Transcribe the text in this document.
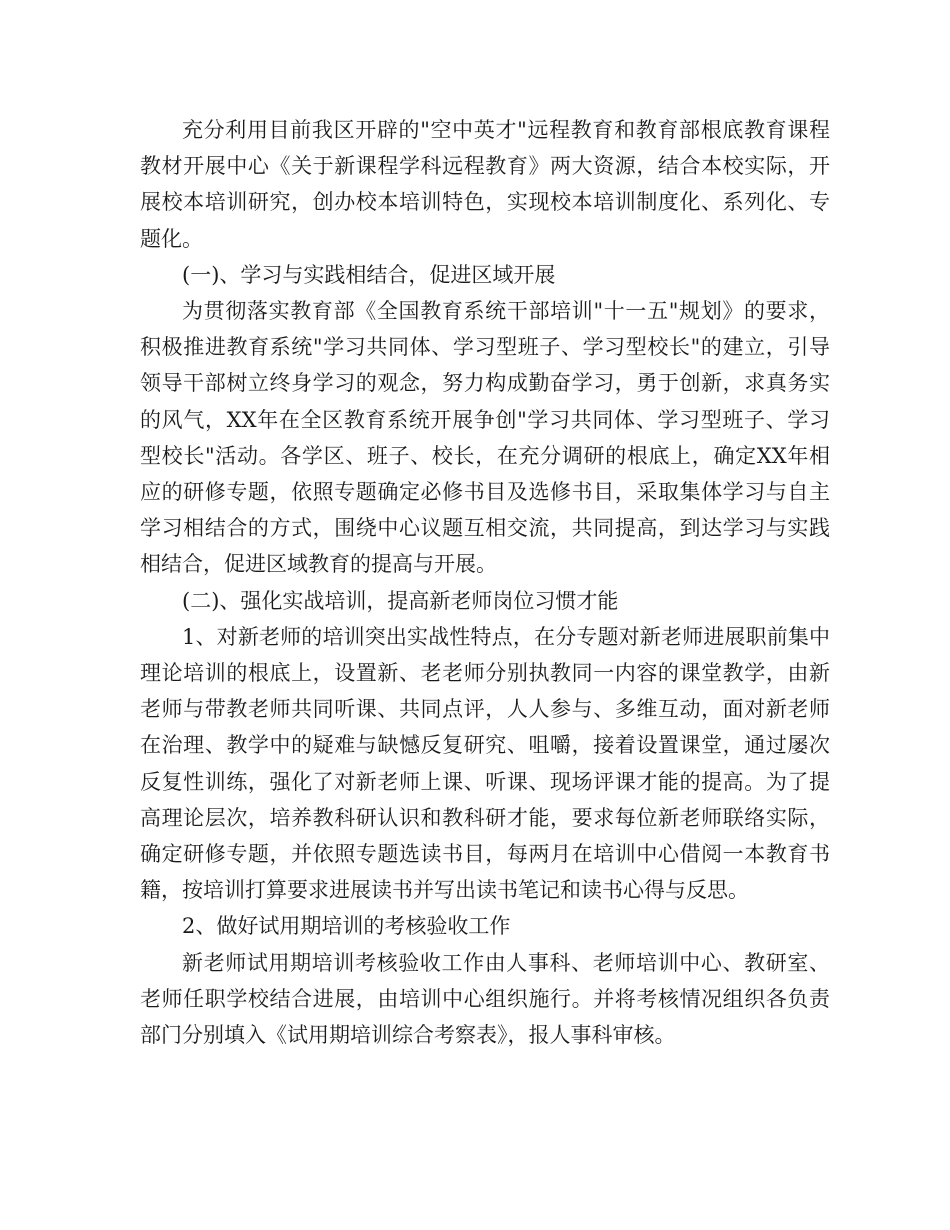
充分利用目前我区开辟的"空中英才"远程教育和教育部根底教育课程教材开展中心《关于新课程学科远程教育》两大资源，结合本校实际，开展校本培训研究，创办校本培训特色，实现校本培训制度化、系列化、专题化。

(一)、学习与实践相结合，促进区域开展

为贯彻落实教育部《全国教育系统干部培训"十一五"规划》的要求，积极推进教育系统"学习共同体、学习型班子、学习型校长"的建立，引导领导干部树立终身学习的观念，努力构成勤奋学习，勇于创新，求真务实的风气，XX年在全区教育系统开展争创"学习共同体、学习型班子、学习型校长"活动。各学区、班子、校长，在充分调研的根底上，确定XX年相应的研修专题，依照专题确定必修书目及选修书目，采取集体学习与自主学习相结合的方式，围绕中心议题互相交流，共同提高，到达学习与实践相结合，促进区域教育的提高与开展。

(二)、强化实战培训，提高新老师岗位习惯才能

1、对新老师的培训突出实战性特点，在分专题对新老师进展职前集中理论培训的根底上，设置新、老老师分别执教同一内容的课堂教学，由新老师与带教老师共同听课、共同点评，人人参与、多维互动，面对新老师在治理、教学中的疑难与缺憾反复研究、咀嚼，接着设置课堂，通过屡次反复性训练，强化了对新老师上课、听课、现场评课才能的提高。为了提高理论层次，培养教科研认识和教科研才能，要求每位新老师联络实际，确定研修专题，并依照专题选读书目，每两月在培训中心借阅一本教育书籍，按培训打算要求进展读书并写出读书笔记和读书心得与反思。

2、做好试用期培训的考核验收工作

新老师试用期培训考核验收工作由人事科、老师培训中心、教研室、老师任职学校结合进展，由培训中心组织施行。并将考核情况组织各负责部门分别填入《试用期培训综合考察表》，报人事科审核。
